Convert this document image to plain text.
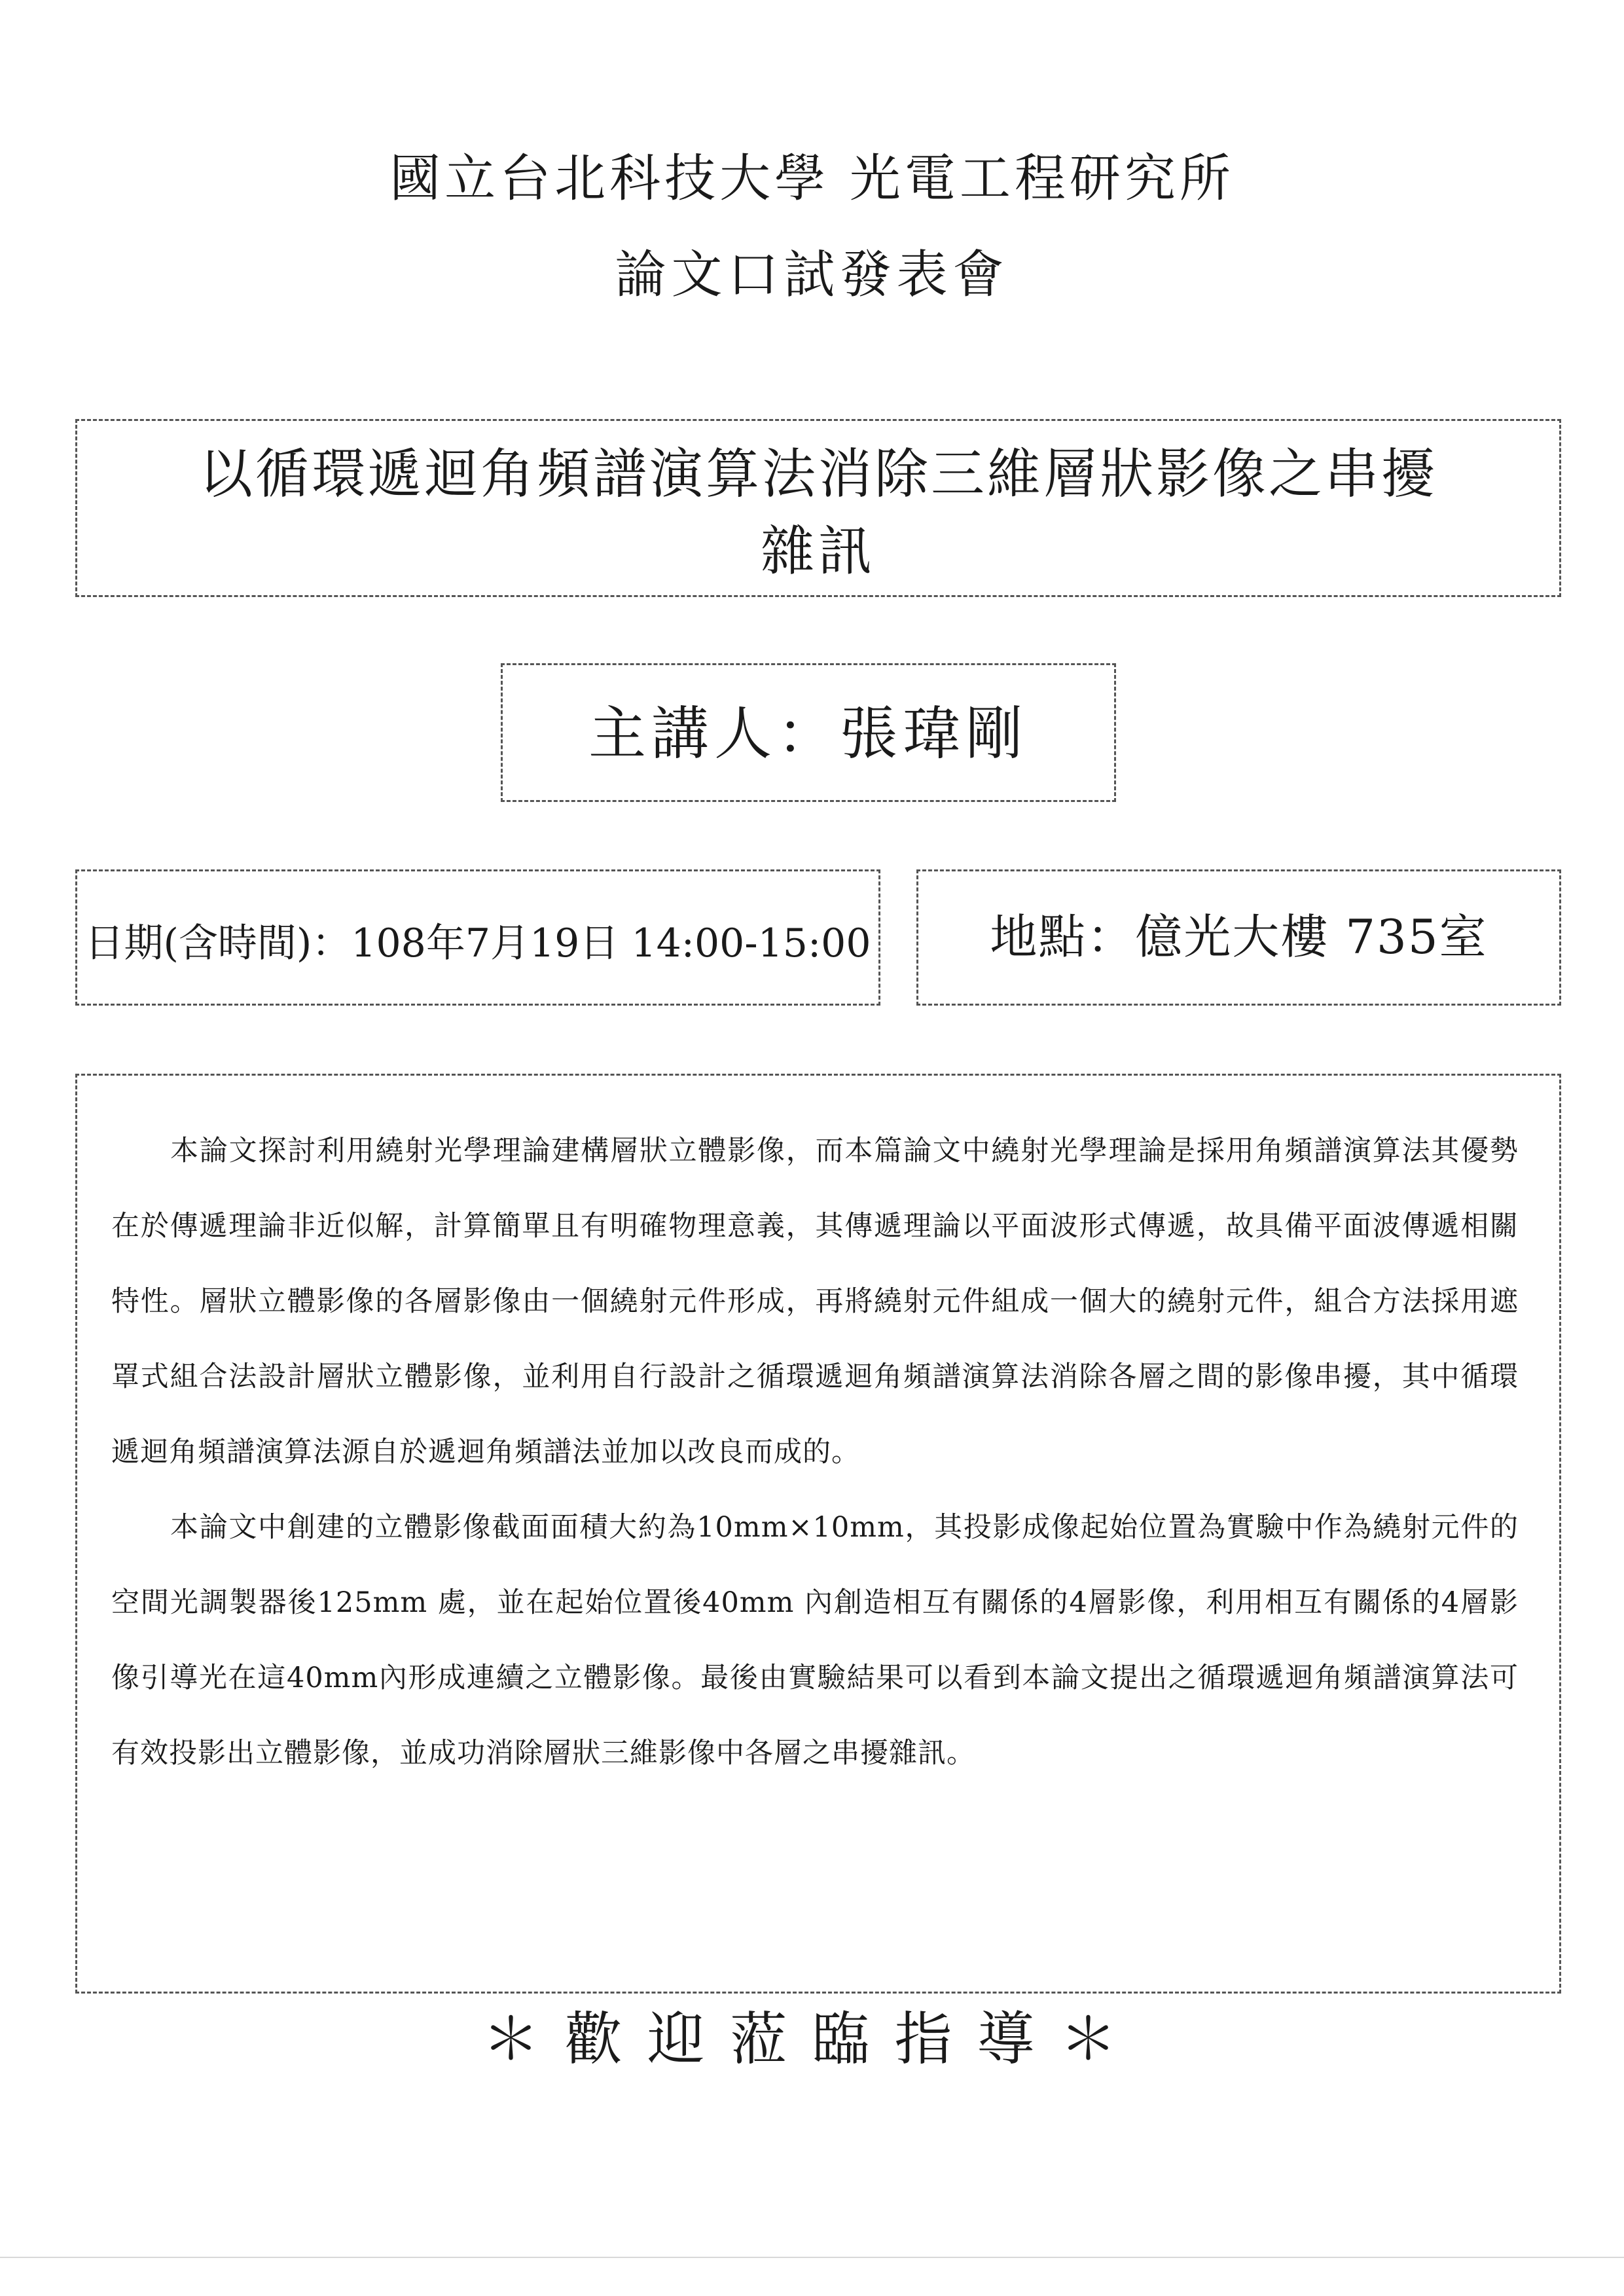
國立台北科技大學 光電工程研究所
論文口試發表會
以循環遞迴角頻譜演算法消除三維層狀影像之串擾
雜訊
主講人：張瑋剛
日期(含時間)：108年7月19日 14:00-15:00	地點：億光大樓 735室

本論文探討利用繞射光學理論建構層狀立體影像，而本篇論文中繞射光學理論是採用角頻譜演算法其優勢在於傳遞理論非近似解，計算簡單且有明確物理意義，其傳遞理論以平面波形式傳遞，故具備平面波傳遞相關特性。層狀立體影像的各層影像由一個繞射元件形成，再將繞射元件組成一個大的繞射元件，組合方法採用遮罩式組合法設計層狀立體影像，並利用自行設計之循環遞迴角頻譜演算法消除各層之間的影像串擾，其中循環遞迴角頻譜演算法源自於遞迴角頻譜法並加以改良而成的。

本論文中創建的立體影像截面面積大約為10mm×10mm，其投影成像起始位置為實驗中作為繞射元件的空間光調製器後125mm 處，並在起始位置後40mm 內創造相互有關係的4層影像，利用相互有關係的4層影像引導光在這40mm內形成連續之立體影像。最後由實驗結果可以看到本論文提出之循環遞迴角頻譜演算法可有效投影出立體影像，並成功消除層狀三維影像中各層之串擾雜訊。

＊歡迎蒞臨指導＊
